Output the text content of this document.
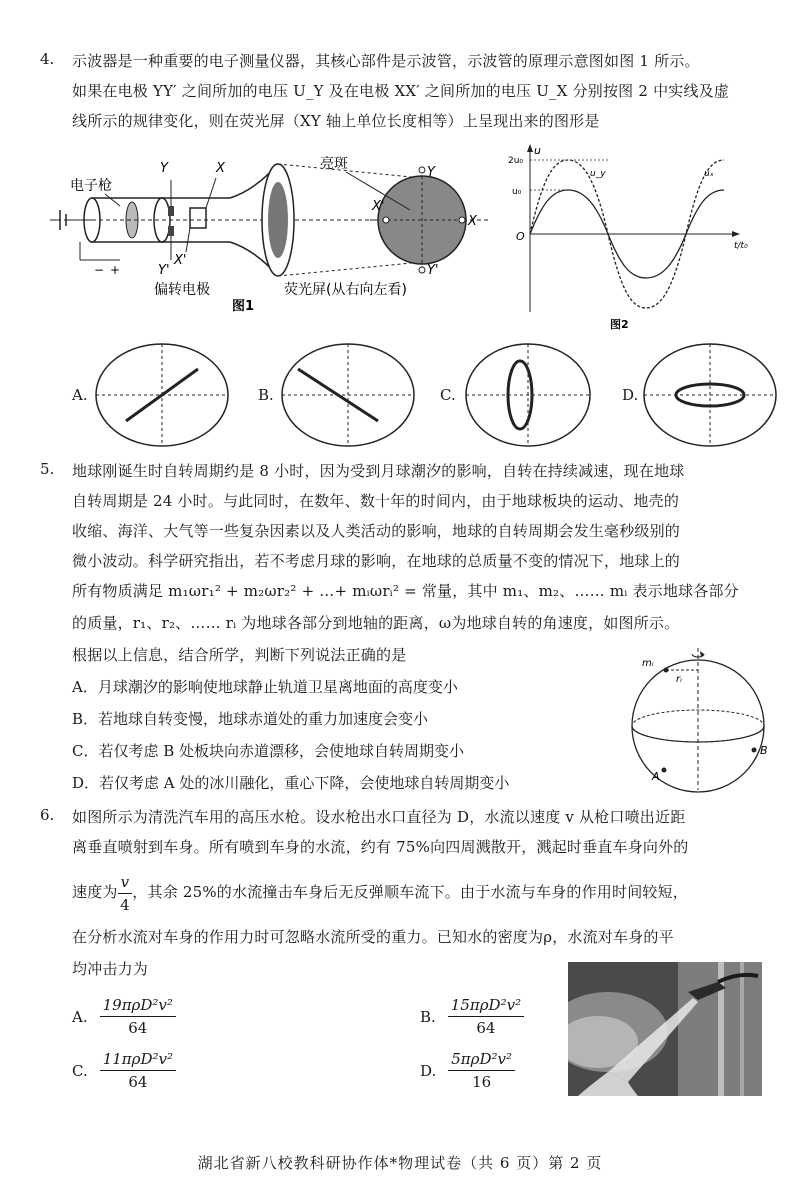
4. 示波器是一种重要的电子测量仪器，其核心部件是示波管，示波管的原理示意图如图 1 所示。
如果在电极 YY′ 之间所加的电压 U_Y 及在电极 XX′ 之间所加的电压 U_X 分别按图 2 中实线及虚
线所示的规律变化，则在荧光屏（XY 轴上单位长度相等）上呈现出来的图形是
− +
电子枪
Y
Y'
X
X'
偏转电极
Y
Y'
X
X'
亮斑
荧光屏(从右向左看)
图1
u
t/t₀
O
2u₀
u₀
u_y	uₓ
图2
A.	B.	C.	D.
5. 地球刚诞生时自转周期约是 8 小时，因为受到月球潮汐的影响，自转在持续减速，现在地球
自转周期是 24 小时。与此同时，在数年、数十年的时间内，由于地球板块的运动、地壳的
收缩、海洋、大气等一些复杂因素以及人类活动的影响，地球的自转周期会发生毫秒级别的
微小波动。科学研究指出，若不考虑月球的影响，在地球的总质量不变的情况下，地球上的
所有物质满足 m₁ωr₁² + m₂ωr₂² + …+ mᵢωrᵢ² = 常量，其中 m₁、m₂、…… mᵢ 表示地球各部分
的质量，r₁、r₂、…… rᵢ 为地球各部分到地轴的距离，ω为地球自转的角速度，如图所示。
根据以上信息，结合所学，判断下列说法正确的是
A．月球潮汐的影响使地球静止轨道卫星离地面的高度变小
B．若地球自转变慢，地球赤道处的重力加速度会变小
C．若仅考虑 B 处板块向赤道漂移，会使地球自转周期变小
D．若仅考虑 A 处的冰川融化，重心下降，会使地球自转周期变小
mᵢ
rᵢ
A
B
6. 如图所示为清洗汽车用的高压水枪。设水枪出水口直径为 D，水流以速度 v 从枪口喷出近距
离垂直喷射到车身。所有喷到车身的水流，约有 75%向四周溅散开，溅起时垂直车身向外的
速度为 $\frac{v}{4}$ ，其余 25%的水流撞击车身后无反弹顺车流下。由于水流与车身的作用时间较短，
在分析水流对车身的作用力时可忽略水流所受的重力。已知水的密度为ρ，水流对车身的平
均冲击力为
A. $\frac{\text{19πρD²v²}}{64}$	B. $\frac{\text{15πρD²v²}}{64}$
C. $\frac{\text{11πρD²v²}}{64}$	D. $\frac{\text{5πρD²v²}}{16}$
湖北省新八校教科研协作体*物理试卷（共 6 页）第 2 页
